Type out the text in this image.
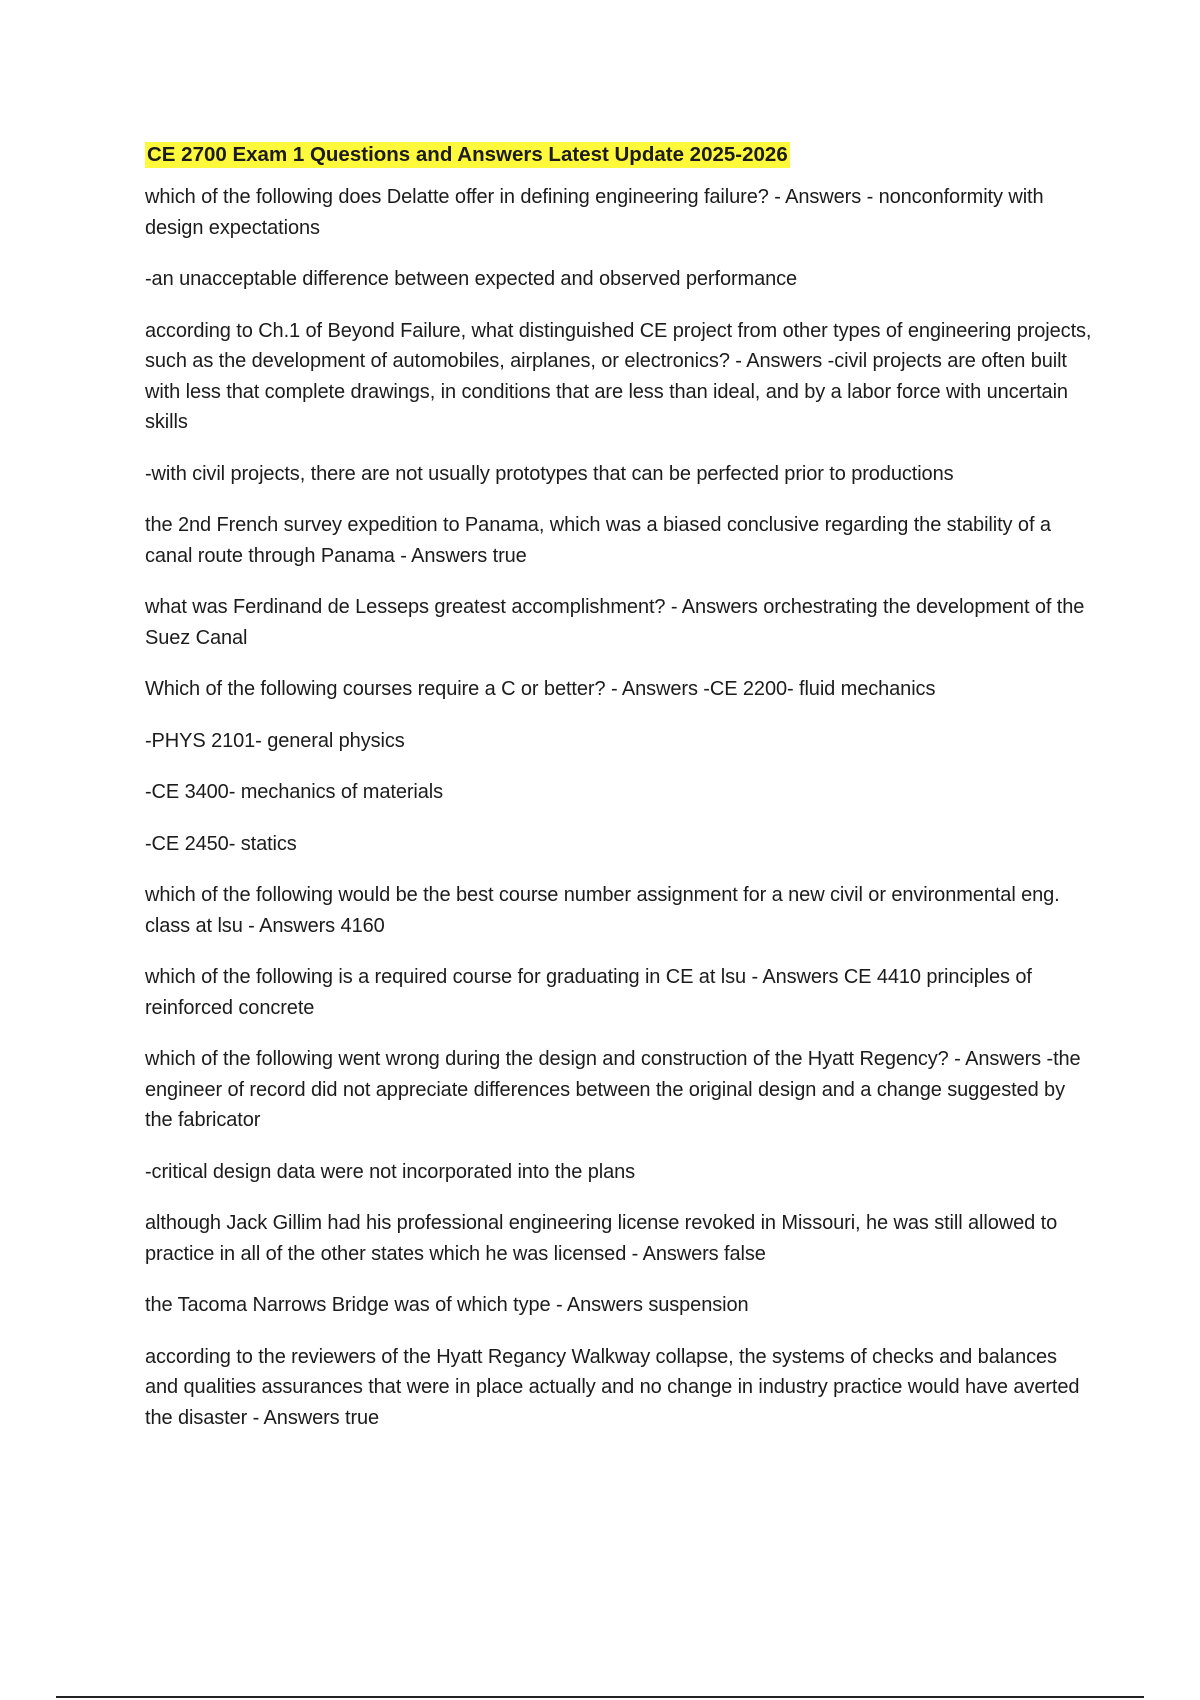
CE 2700 Exam 1 Questions and Answers Latest Update 2025-2026

which of the following does Delatte offer in defining engineering failure? - Answers - nonconformity with design expectations

-an unacceptable difference between expected and observed performance

according to Ch.1 of Beyond Failure, what distinguished CE project from other types of engineering projects, such as the development of automobiles, airplanes, or electronics? - Answers -civil projects are often built with less that complete drawings, in conditions that are less than ideal, and by a labor force with uncertain skills

-with civil projects, there are not usually prototypes that can be perfected prior to productions

the 2nd French survey expedition to Panama, which was a biased conclusive regarding the stability of a canal route through Panama - Answers true

what was Ferdinand de Lesseps greatest accomplishment? - Answers orchestrating the development of the Suez Canal

Which of the following courses require a C or better? - Answers -CE 2200- fluid mechanics

-PHYS 2101- general physics

-CE 3400- mechanics of materials

-CE 2450- statics

which of the following would be the best course number assignment for a new civil or environmental eng. class at lsu - Answers 4160

which of the following is a required course for graduating in CE at lsu - Answers CE 4410 principles of reinforced concrete

which of the following went wrong during the design and construction of the Hyatt Regency? - Answers -the engineer of record did not appreciate differences between the original design and a change suggested by the fabricator

-critical design data were not incorporated into the plans

although Jack Gillim had his professional engineering license revoked in Missouri, he was still allowed to practice in all of the other states which he was licensed - Answers false

the Tacoma Narrows Bridge was of which type - Answers suspension

according to the reviewers of the Hyatt Regancy Walkway collapse, the systems of checks and balances and qualities assurances that were in place actually and no change in industry practice would have averted the disaster - Answers true
